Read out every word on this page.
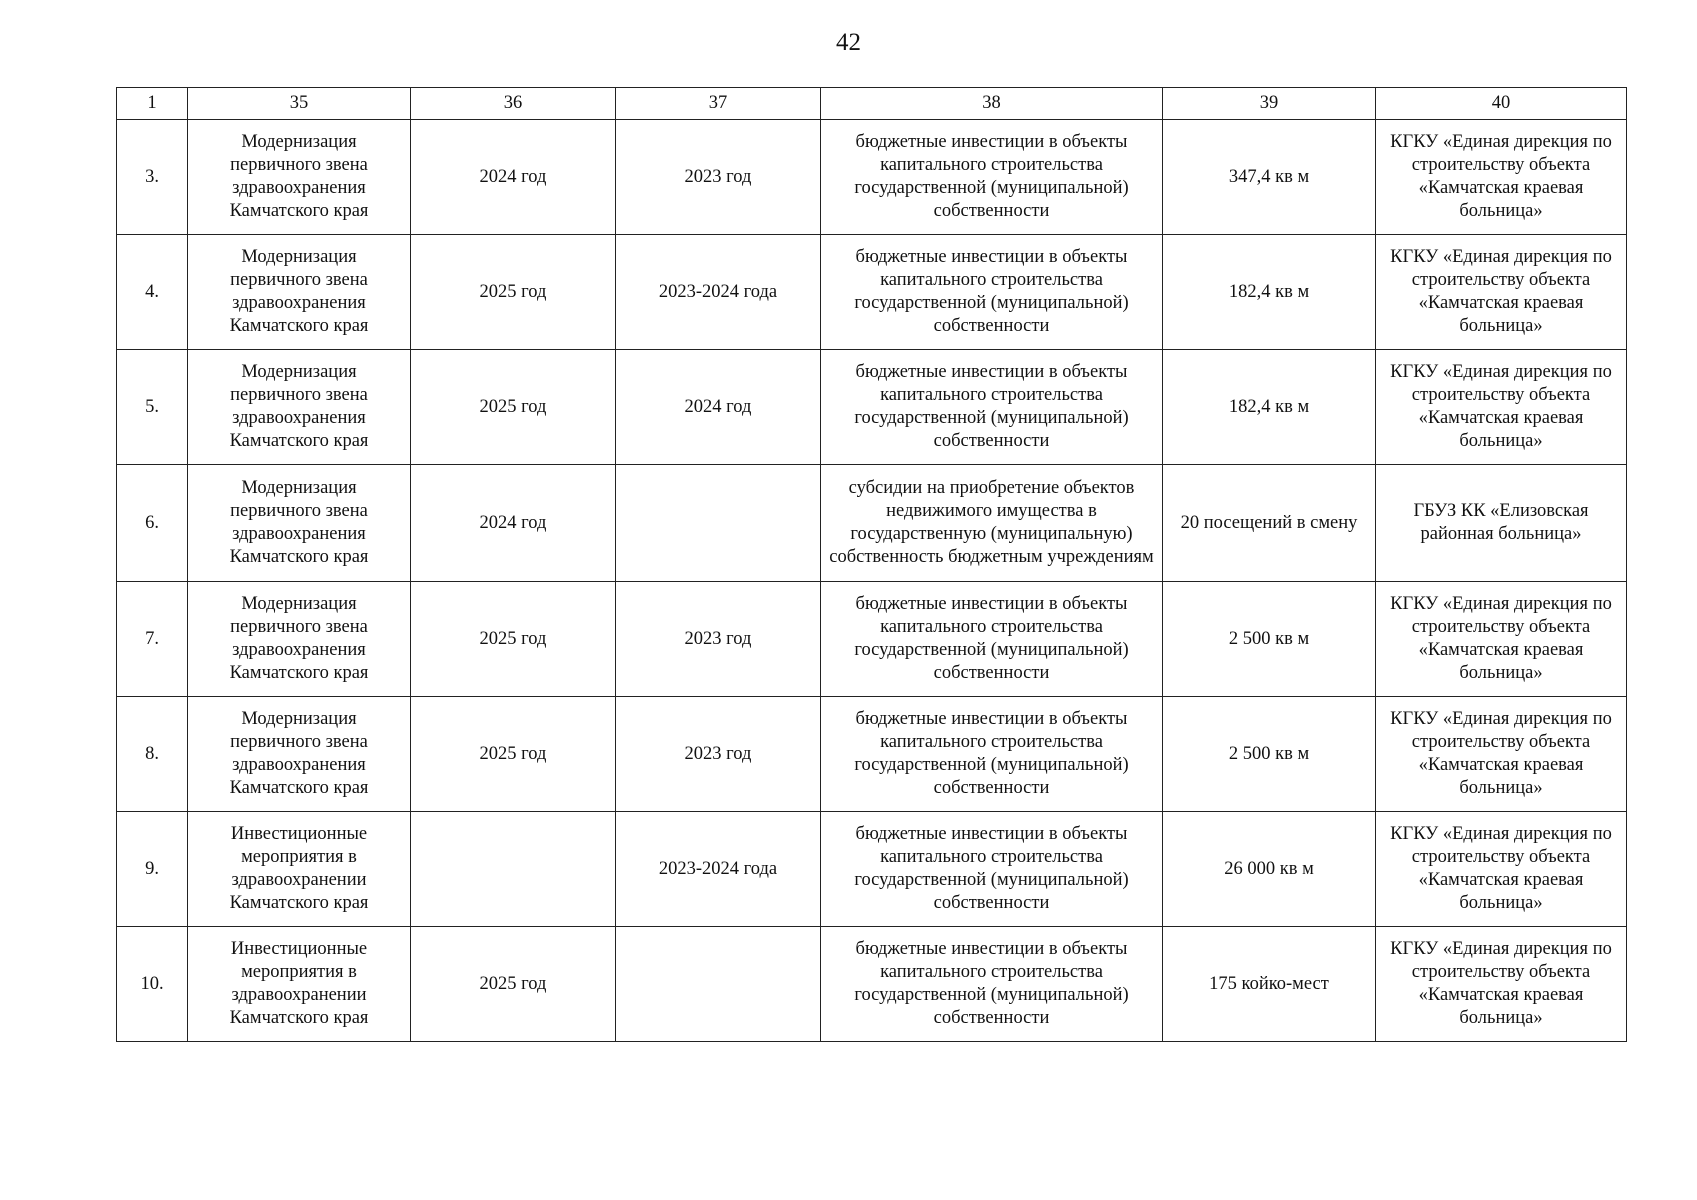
42
1	35	36	37	38	39	40
3.	Модернизация первичного звена здравоохранения Камчатского края	2024 год	2023 год	бюджетные инвестиции в объекты капитального строительства государственной (муниципальной) собственности	347,4 кв м	КГКУ «Единая дирекция по строительству объекта «Камчатская краевая больница»
4.	Модернизация первичного звена здравоохранения Камчатского края	2025 год	2023-2024 года	бюджетные инвестиции в объекты капитального строительства государственной (муниципальной) собственности	182,4 кв м	КГКУ «Единая дирекция по строительству объекта «Камчатская краевая больница»
5.	Модернизация первичного звена здравоохранения Камчатского края	2025 год	2024 год	бюджетные инвестиции в объекты капитального строительства государственной (муниципальной) собственности	182,4 кв м	КГКУ «Единая дирекция по строительству объекта «Камчатская краевая больница»
6.	Модернизация первичного звена здравоохранения Камчатского края	2024 год		субсидии на приобретение объектов недвижимого имущества в государственную (муниципальную) собственность бюджетным учреждениям	20 посещений в смену	ГБУЗ КК «Елизовская районная больница»
7.	Модернизация первичного звена здравоохранения Камчатского края	2025 год	2023 год	бюджетные инвестиции в объекты капитального строительства государственной (муниципальной) собственности	2 500 кв м	КГКУ «Единая дирекция по строительству объекта «Камчатская краевая больница»
8.	Модернизация первичного звена здравоохранения Камчатского края	2025 год	2023 год	бюджетные инвестиции в объекты капитального строительства государственной (муниципальной) собственности	2 500 кв м	КГКУ «Единая дирекция по строительству объекта «Камчатская краевая больница»
9.	Инвестиционные мероприятия в здравоохранении Камчатского края		2023-2024 года	бюджетные инвестиции в объекты капитального строительства государственной (муниципальной) собственности	26 000 кв м	КГКУ «Единая дирекция по строительству объекта «Камчатская краевая больница»
10.	Инвестиционные мероприятия в здравоохранении Камчатского края	2025 год		бюджетные инвестиции в объекты капитального строительства государственной (муниципальной) собственности	175 койко-мест	КГКУ «Единая дирекция по строительству объекта «Камчатская краевая больница»
